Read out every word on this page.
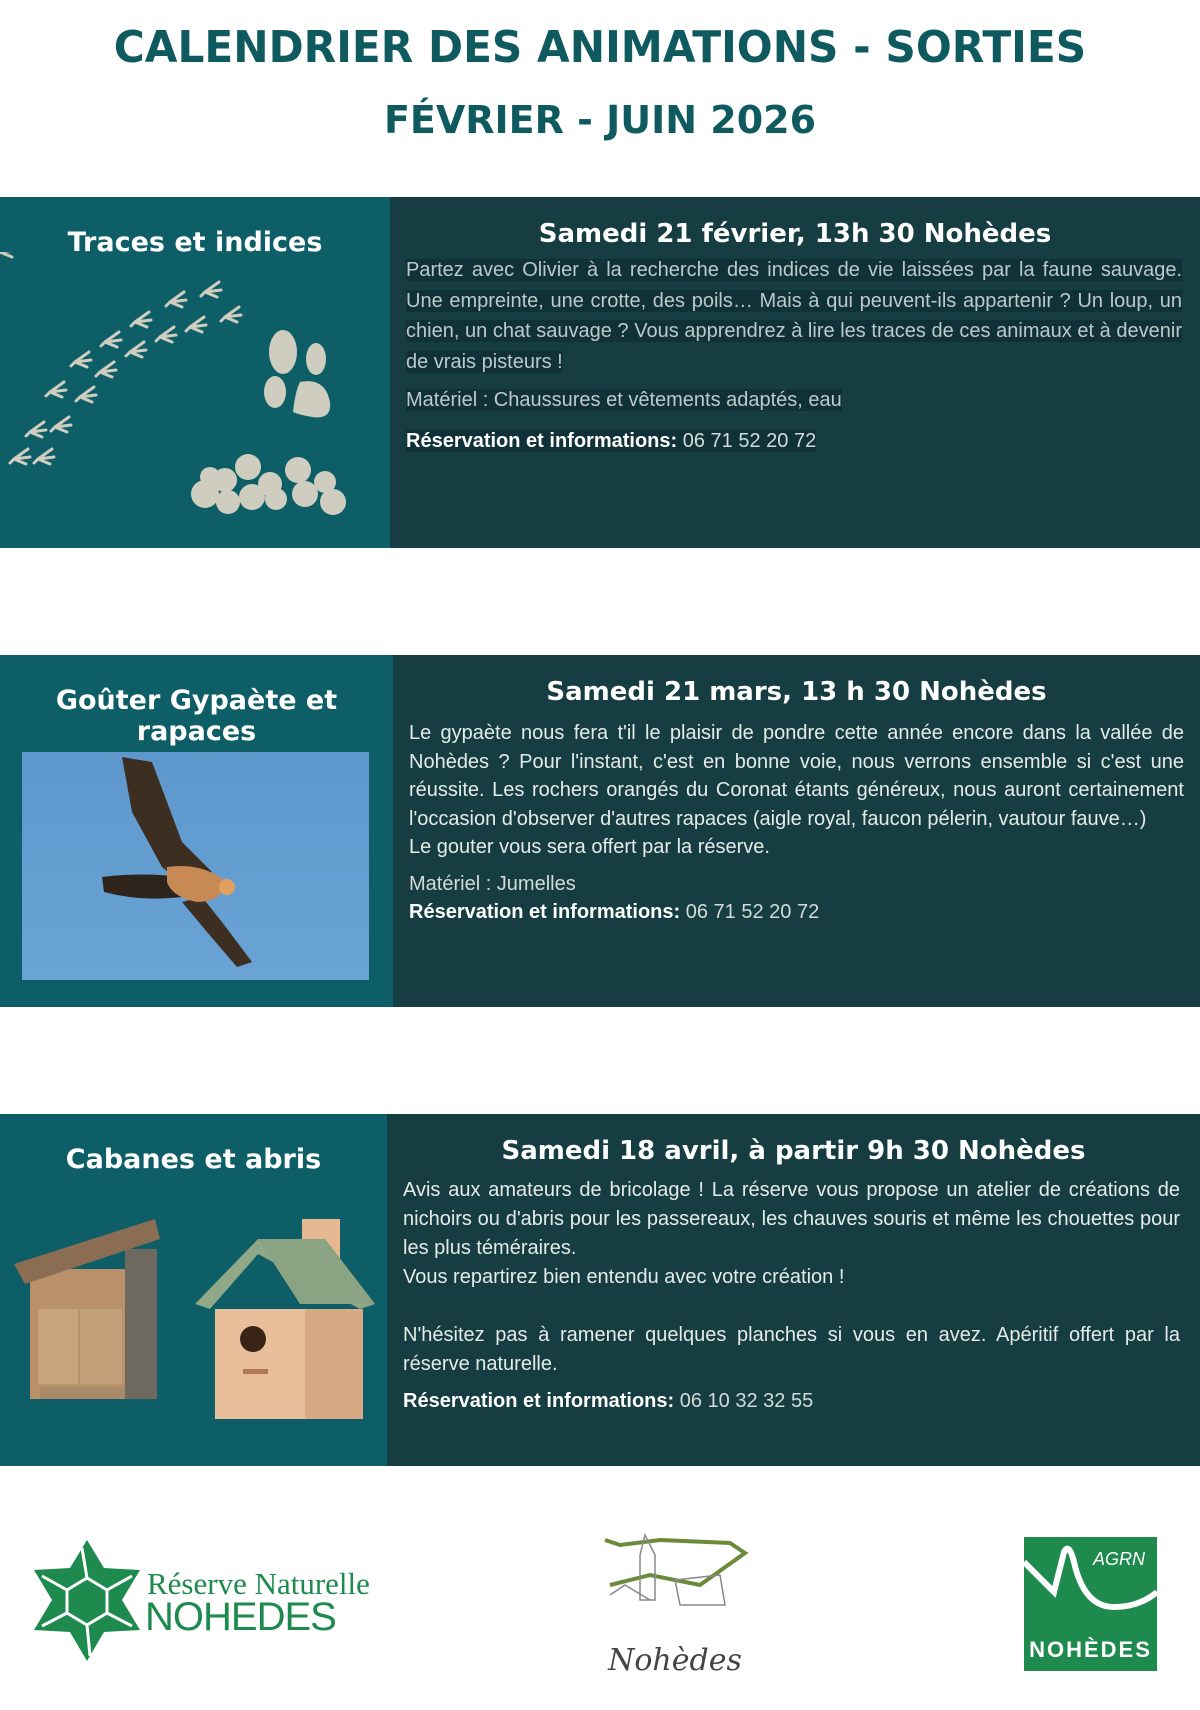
CALENDRIER DES ANIMATIONS - SORTIES
FÉVRIER - JUIN 2026
Traces et indices	Samedi 21 février, 13h 30 Nohèdes

Partez avec Olivier à la recherche des indices de vie laissées par la faune sauvage. Une empreinte, une crotte, des poils… Mais à qui peuvent-ils appartenir ? Un loup, un chien, un chat sauvage ? Vous apprendrez à lire les traces de ces animaux et à devenir de vrais pisteurs !

Matériel : Chaussures et vêtements adaptés, eau

Réservation et informations: 06 71 52 20 72

Goûter Gypaète et rapaces
Samedi 21 mars, 13 h 30 Nohèdes

Le gypaète nous fera t'il le plaisir de pondre cette année encore dans la vallée de Nohèdes ? Pour l'instant, c'est en bonne voie, nous verrons ensemble si c'est une réussite. Les rochers orangés du Coronat étants généreux, nous auront certainement l'occasion d'observer d'autres rapaces (aigle royal, faucon pélerin, vautour fauve…)

Le gouter vous sera offert par la réserve.

Matériel : Jumelles

Réservation et informations: 06 71 52 20 72

Cabanes et abris	Samedi 18 avril, à partir 9h 30 Nohèdes

Avis aux amateurs de bricolage ! La réserve vous propose un atelier de créations de nichoirs ou d'abris pour les passereaux, les chauves souris et même les chouettes pour les plus téméraires.

Vous repartirez bien entendu avec votre création !

N'hésitez pas à ramener quelques planches si vous en avez. Apéritif offert par la réserve naturelle.

Réservation et informations: 06 10 32 32 55

Réserve Naturelle
NOHEDES
Nohèdes
AGRN
NOHÈDES
